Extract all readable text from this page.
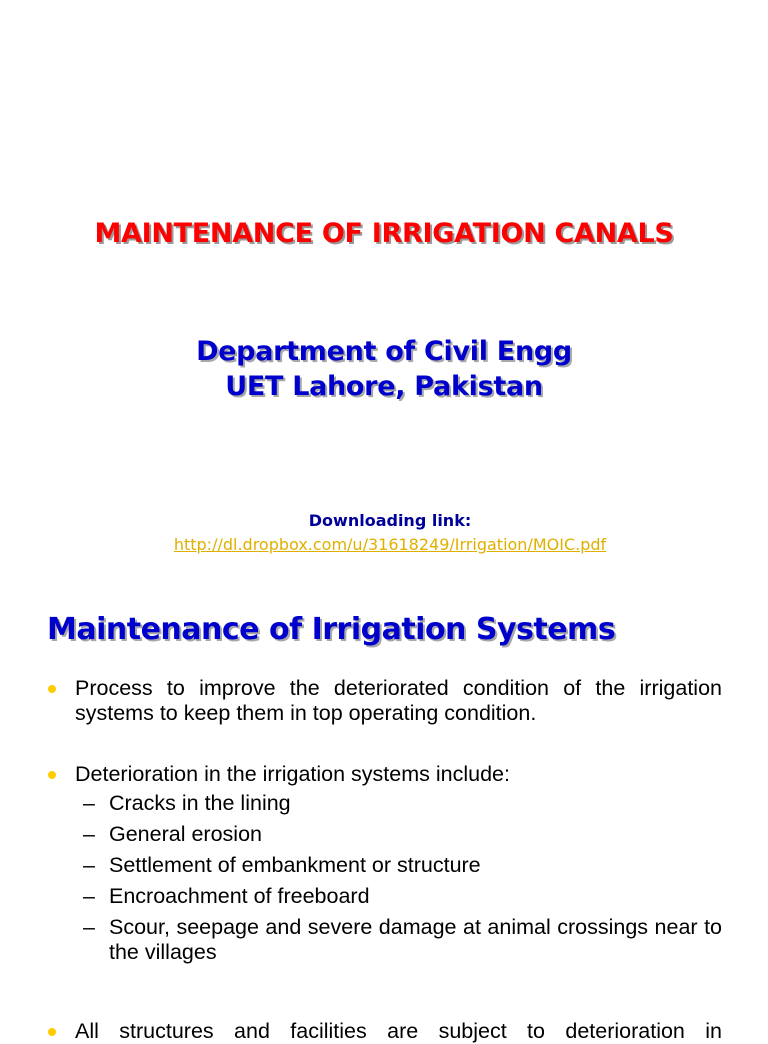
MAINTENANCE OF IRRIGATION CANALS
Department of Civil Engg
UET Lahore, Pakistan
Downloading link:
http://dl.dropbox.com/u/31618249/Irrigation/MOIC.pdf
Maintenance of Irrigation Systems
Process to improve the deteriorated condition of the irrigation systems to keep them in top operating condition.
Deterioration in the irrigation systems include:
– Cracks in the lining
– General erosion
– Settlement of embankment or structure
– Encroachment of freeboard
– Scour, seepage and severe damage at animal crossings near to the villages
All structures and facilities are subject to deterioration in
